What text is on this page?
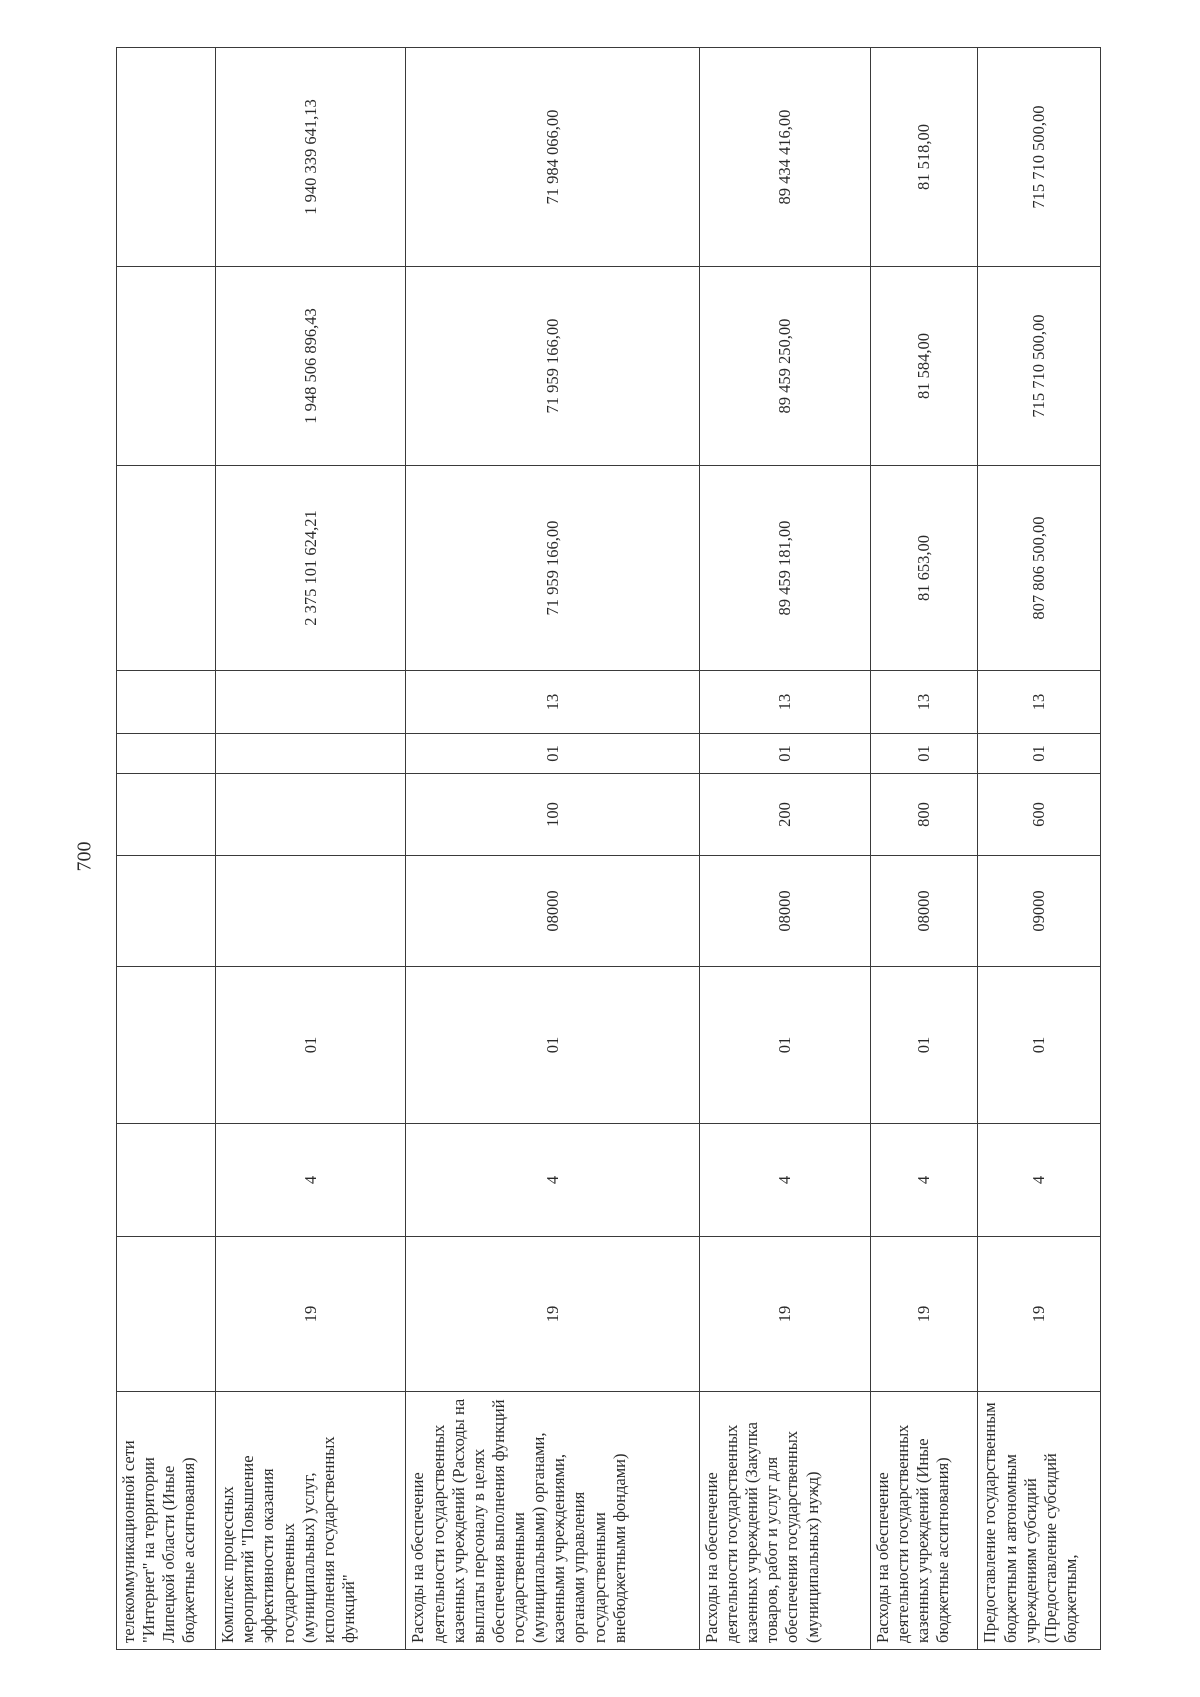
700
телекоммуникационной сети "Интернет" на территории Липецкой области (Иные бюджетные ассигнования)										
Комплекс процессных мероприятий "Повышение эффективности оказания государственных (муниципальных) услуг, исполнения государственных функций"	19	4	01					2 375 101 624,21	1 948 506 896,43	1 940 339 641,13
Расходы на обеспечение деятельности государственных казенных учреждений (Расходы на выплаты персоналу в целях обеспечения выполнения функций государственными (муниципальными) органами, казенными учреждениями, органами управления государственными внебюджетными фондами)	19	4	01	08000	100	01	13	71 959 166,00	71 959 166,00	71 984 066,00
Расходы на обеспечение деятельности государственных казенных учреждений (Закупка товаров, работ и услуг для обеспечения государственных (муниципальных) нужд)	19	4	01	08000	200	01	13	89 459 181,00	89 459 250,00	89 434 416,00
Расходы на обеспечение деятельности государственных казенных учреждений (Иные бюджетные ассигнования)	19	4	01	08000	800	01	13	81 653,00	81 584,00	81 518,00
Предоставление государственным бюджетным и автономным учреждениям субсидий (Предоставление субсидий бюджетным,	19	4	01	09000	600	01	13	807 806 500,00	715 710 500,00	715 710 500,00
